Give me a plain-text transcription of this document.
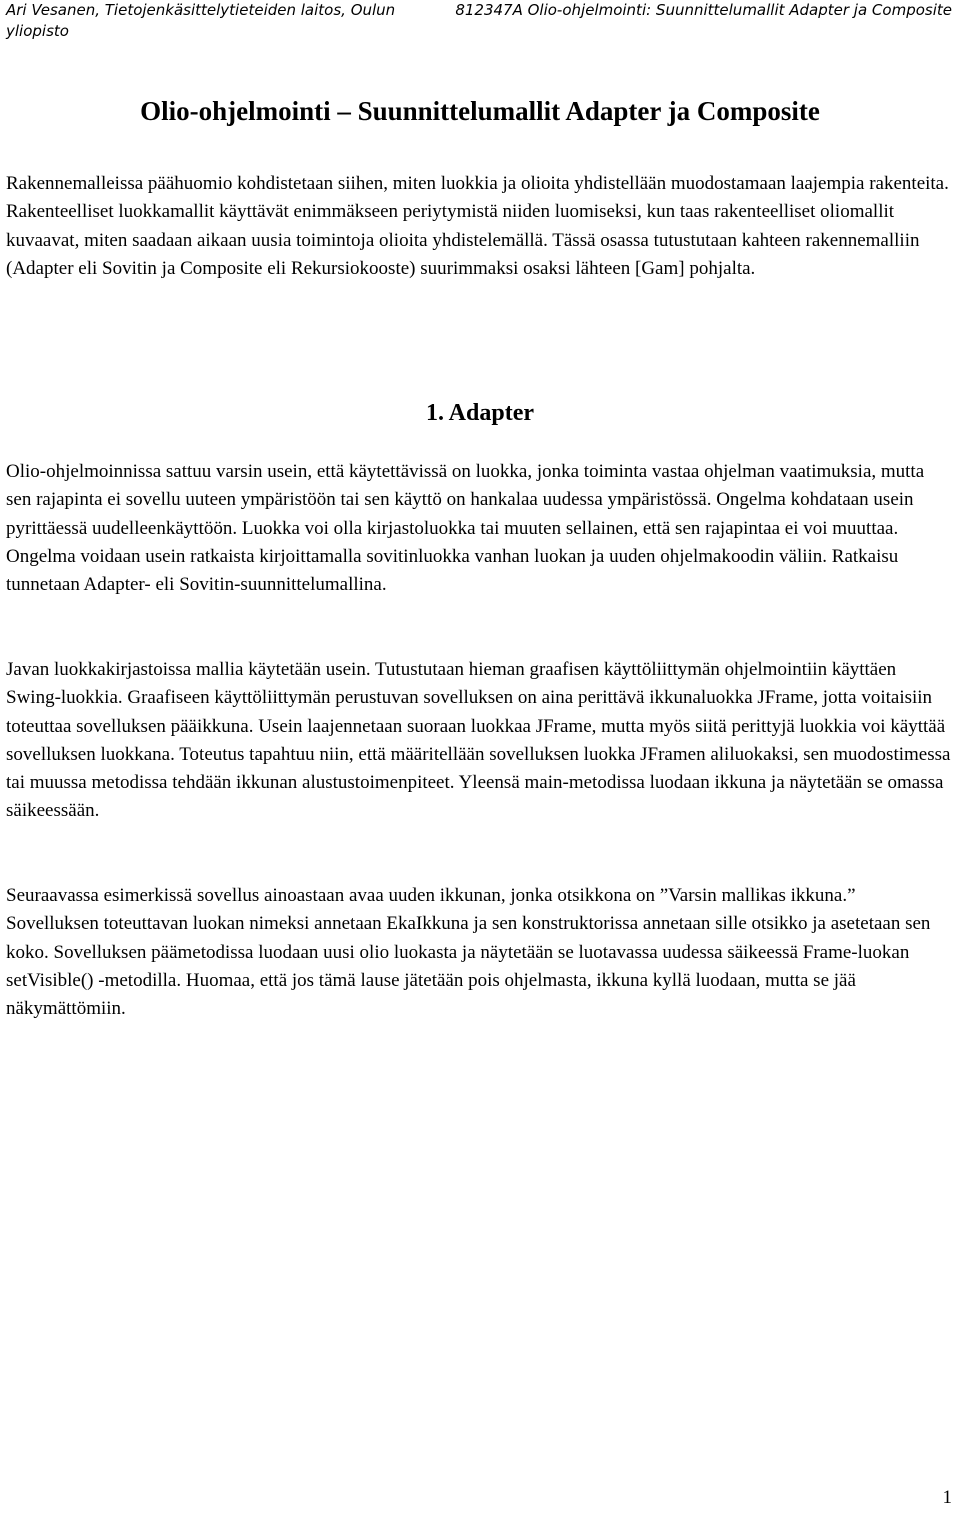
Ari Vesanen, Tietojenkäsittelytieteiden laitos, Oulun yliopisto
812347A Olio-ohjelmointi: Suunnittelumallit Adapter ja Composite
Olio-ohjelmointi – Suunnittelumallit Adapter ja Composite

Rakennemalleissa päähuomio kohdistetaan siihen, miten luokkia ja olioita yhdistellään muodostamaan laajempia rakenteita. Rakenteelliset luokkamallit käyttävät enimmäkseen periytymistä niiden luomiseksi, kun taas rakenteelliset oliomallit kuvaavat, miten saadaan aikaan uusia toimintoja olioita yhdistelemällä. Tässä osassa tutustutaan kahteen rakennemalliin (Adapter eli Sovitin ja Composite eli Rekursiokooste) suurimmaksi osaksi lähteen [Gam] pohjalta.

1. Adapter

Olio-ohjelmoinnissa sattuu varsin usein, että käytettävissä on luokka, jonka toiminta vastaa ohjelman vaatimuksia, mutta sen rajapinta ei sovellu uuteen ympäristöön tai sen käyttö on hankalaa uudessa ympäristössä. Ongelma kohdataan usein pyrittäessä uudelleenkäyttöön. Luokka voi olla kirjastoluokka tai muuten sellainen, että sen rajapintaa ei voi muuttaa. Ongelma voidaan usein ratkaista kirjoittamalla sovitinluokka vanhan luokan ja uuden ohjelmakoodin väliin. Ratkaisu tunnetaan Adapter- eli Sovitin-suunnittelumallina.

Javan luokkakirjastoissa mallia käytetään usein. Tutustutaan hieman graafisen käyttöliittymän ohjelmointiin käyttäen Swing-luokkia. Graafiseen käyttöliittymän perustuvan sovelluksen on aina perittävä ikkunaluokka JFrame, jotta voitaisiin toteuttaa sovelluksen pääikkuna. Usein laajennetaan suoraan luokkaa JFrame, mutta myös siitä perittyjä luokkia voi käyttää sovelluksen luokkana. Toteutus tapahtuu niin, että määritellään sovelluksen luokka JFramen aliluokaksi, sen muodostimessa tai muussa metodissa tehdään ikkunan alustustoimenpiteet. Yleensä main-metodissa luodaan ikkuna ja näytetään se omassa säikeessään.

Seuraavassa esimerkissä sovellus ainoastaan avaa uuden ikkunan, jonka otsikkona on ”Varsin mallikas ikkuna.” Sovelluksen toteuttavan luokan nimeksi annetaan EkaIkkuna ja sen konstruktorissa annetaan sille otsikko ja asetetaan sen koko. Sovelluksen päämetodissa luodaan uusi olio luokasta ja näytetään se luotavassa uudessa säikeessä Frame-luokan setVisible() -metodilla. Huomaa, että jos tämä lause jätetään pois ohjelmasta, ikkuna kyllä luodaan, mutta se jää näkymättömiin.

1
